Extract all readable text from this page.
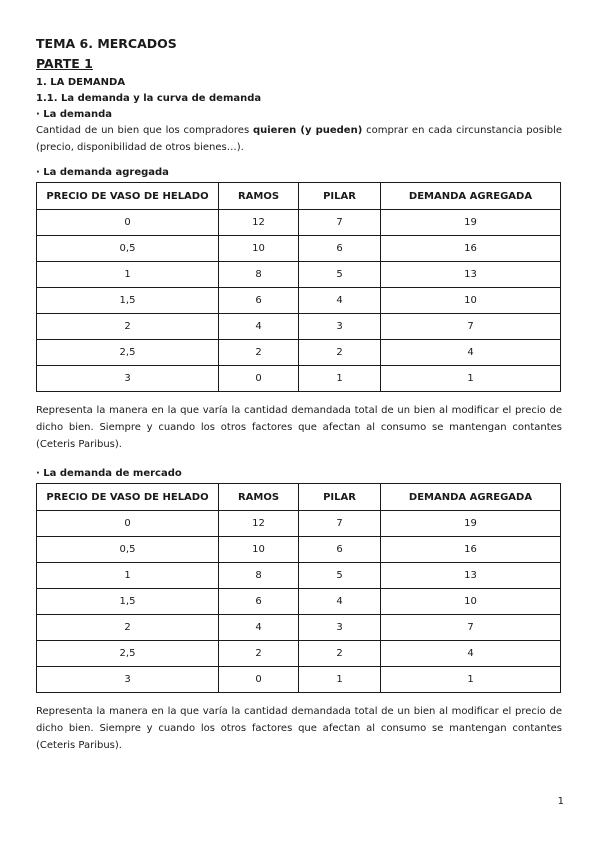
TEMA 6. MERCADOS

PARTE 1

1. LA DEMANDA

1.1. La demanda y la curva de demanda

· La demanda

Cantidad de un bien que los compradores quieren (y pueden) comprar en cada circunstancia posible (precio, disponibilidad de otros bienes…).

· La demanda agregada

PRECIO DE VASO DE HELADO	RAMOS	PILAR	DEMANDA AGREGADA
0	12	7	19
0,5	10	6	16
1	8	5	13
1,5	6	4	10
2	4	3	7
2,5	2	2	4
3	0	1	1

Representa la manera en la que varía la cantidad demandada total de un bien al modificar el precio de dicho bien. Siempre y cuando los otros factores que afectan al consumo se mantengan contantes (Ceteris Paribus).

· La demanda de mercado

PRECIO DE VASO DE HELADO	RAMOS	PILAR	DEMANDA AGREGADA
0	12	7	19
0,5	10	6	16
1	8	5	13
1,5	6	4	10
2	4	3	7
2,5	2	2	4
3	0	1	1

Representa la manera en la que varía la cantidad demandada total de un bien al modificar el precio de dicho bien. Siempre y cuando los otros factores que afectan al consumo se mantengan contantes (Ceteris Paribus).

1
